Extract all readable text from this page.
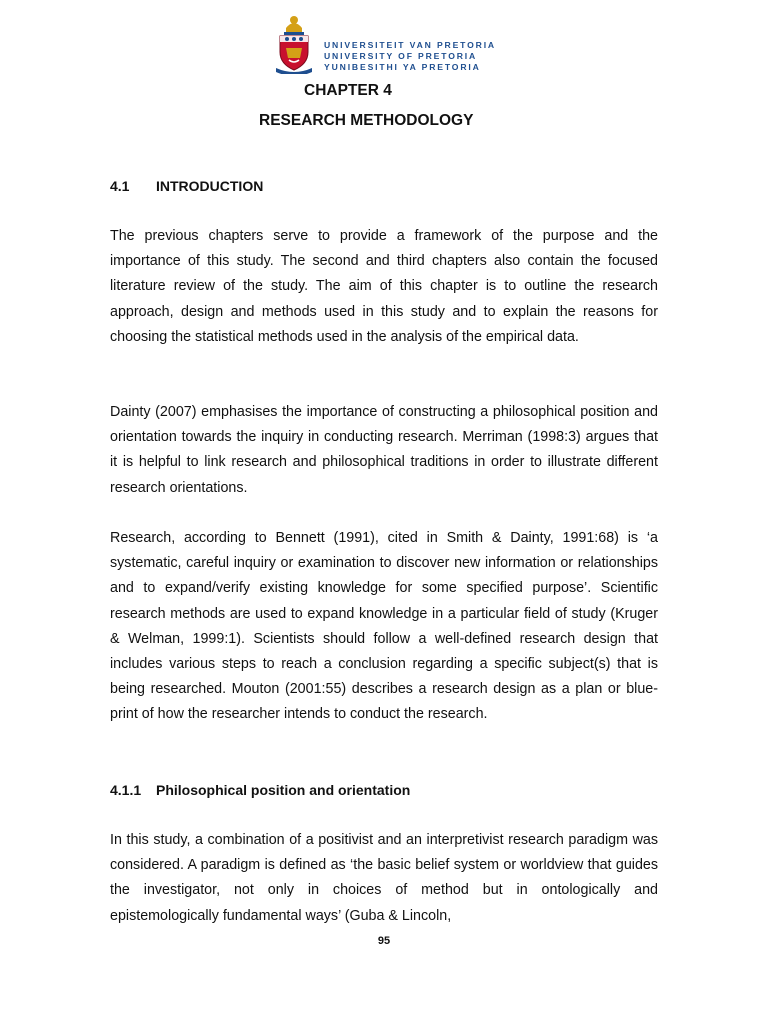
UNIVERSITEIT VAN PRETORIA
UNIVERSITY OF PRETORIA
YUNIBESITHI YA PRETORIA
CHAPTER 4
RESEARCH METHODOLOGY
4.1 INTRODUCTION

The previous chapters serve to provide a framework of the purpose and the importance of this study. The second and third chapters also contain the focused literature review of the study. The aim of this chapter is to outline the research approach, design and methods used in this study and to explain the reasons for choosing the statistical methods used in the analysis of the empirical data.

Dainty (2007) emphasises the importance of constructing a philosophical position and orientation towards the inquiry in conducting research. Merriman (1998:3) argues that it is helpful to link research and philosophical traditions in order to illustrate different research orientations.

Research, according to Bennett (1991), cited in Smith & Dainty, 1991:68) is ‘a systematic, careful inquiry or examination to discover new information or relationships and to expand/verify existing knowledge for some specified purpose’. Scientific research methods are used to expand knowledge in a particular field of study (Kruger & Welman, 1999:1). Scientists should follow a well-defined research design that includes various steps to reach a conclusion regarding a specific subject(s) that is being researched. Mouton (2001:55) describes a research design as a plan or blue-print of how the researcher intends to conduct the research.

4.1.1 Philosophical position and orientation

In this study, a combination of a positivist and an interpretivist research paradigm was considered. A paradigm is defined as ‘the basic belief system or worldview that guides the investigator, not only in choices of method but in ontologically and epistemologically fundamental ways’ (Guba & Lincoln,

95
